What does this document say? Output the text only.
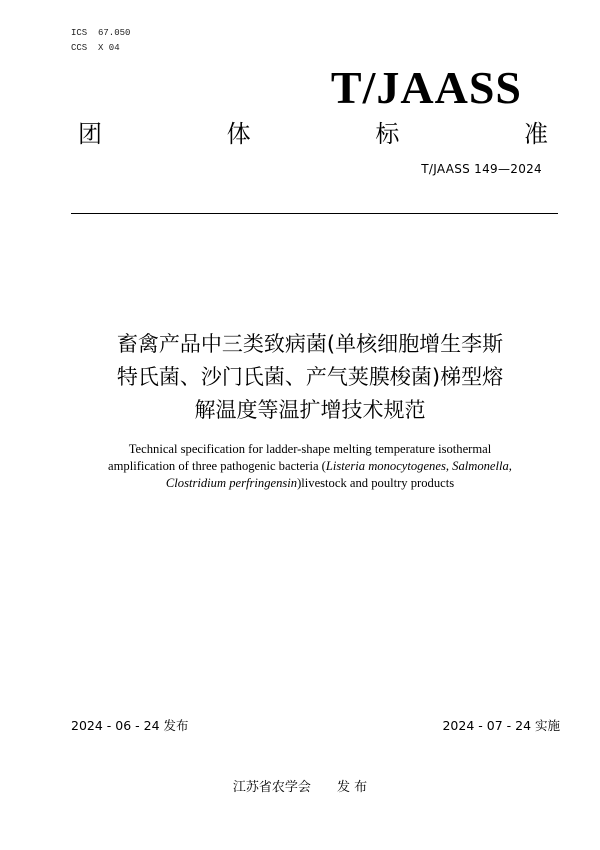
ICS  67.050
CCS  X 04
T/JAASS
团	体	标	准
T/JAASS 149—2024
畜禽产品中三类致病菌(单核细胞增生李斯
特氏菌、沙门氏菌、产气荚膜梭菌)梯型熔
解温度等温扩增技术规范
Technical specification for ladder-shape melting temperature isothermal
amplification of three pathogenic bacteria (Listeria monocytogenes, Salmonella,
Clostridium perfringensin)livestock and poultry products
2024 - 06 - 24 发布	2024 - 07 - 24 实施
江苏省农学会 发 布
